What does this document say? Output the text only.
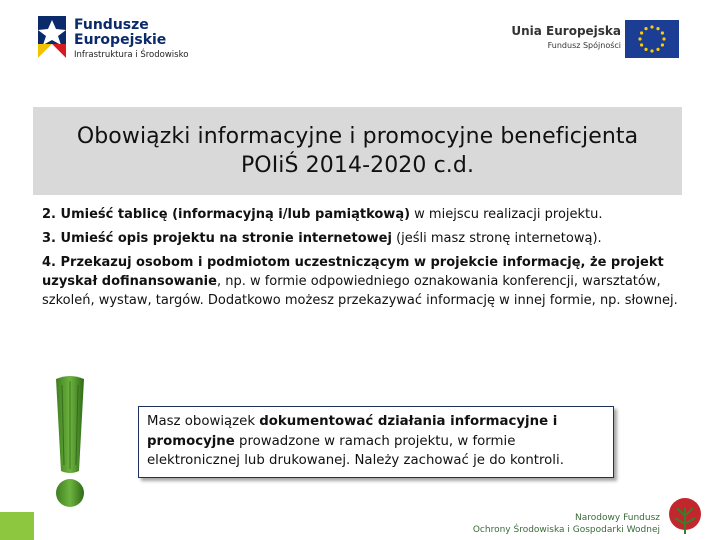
Fundusze
Europejskie
Infrastruktura i Środowisko
Unia Europejska
Fundusz Spójności
Obowiązki informacyjne i promocyjne beneficjenta
POIiŚ 2014-2020 c.d.

2. Umieść tablicę (informacyjną i/lub pamiątkową) w miejscu realizacji projektu.

3. Umieść opis projektu na stronie internetowej (jeśli masz stronę internetową).

4. Przekazuj osobom i podmiotom uczestniczącym w projekcie informację, że projekt uzyskał dofinansowanie, np. w formie odpowiedniego oznakowania konferencji, warsztatów, szkoleń, wystaw, targów. Dodatkowo możesz przekazywać informację w innej formie, np. słownej.

Masz obowiązek dokumentować działania informacyjne i promocyjne prowadzone w ramach projektu, w formie elektronicznej lub drukowanej. Należy zachować je do kontroli.
Narodowy Fundusz
Ochrony Środowiska i Gospodarki Wodnej
